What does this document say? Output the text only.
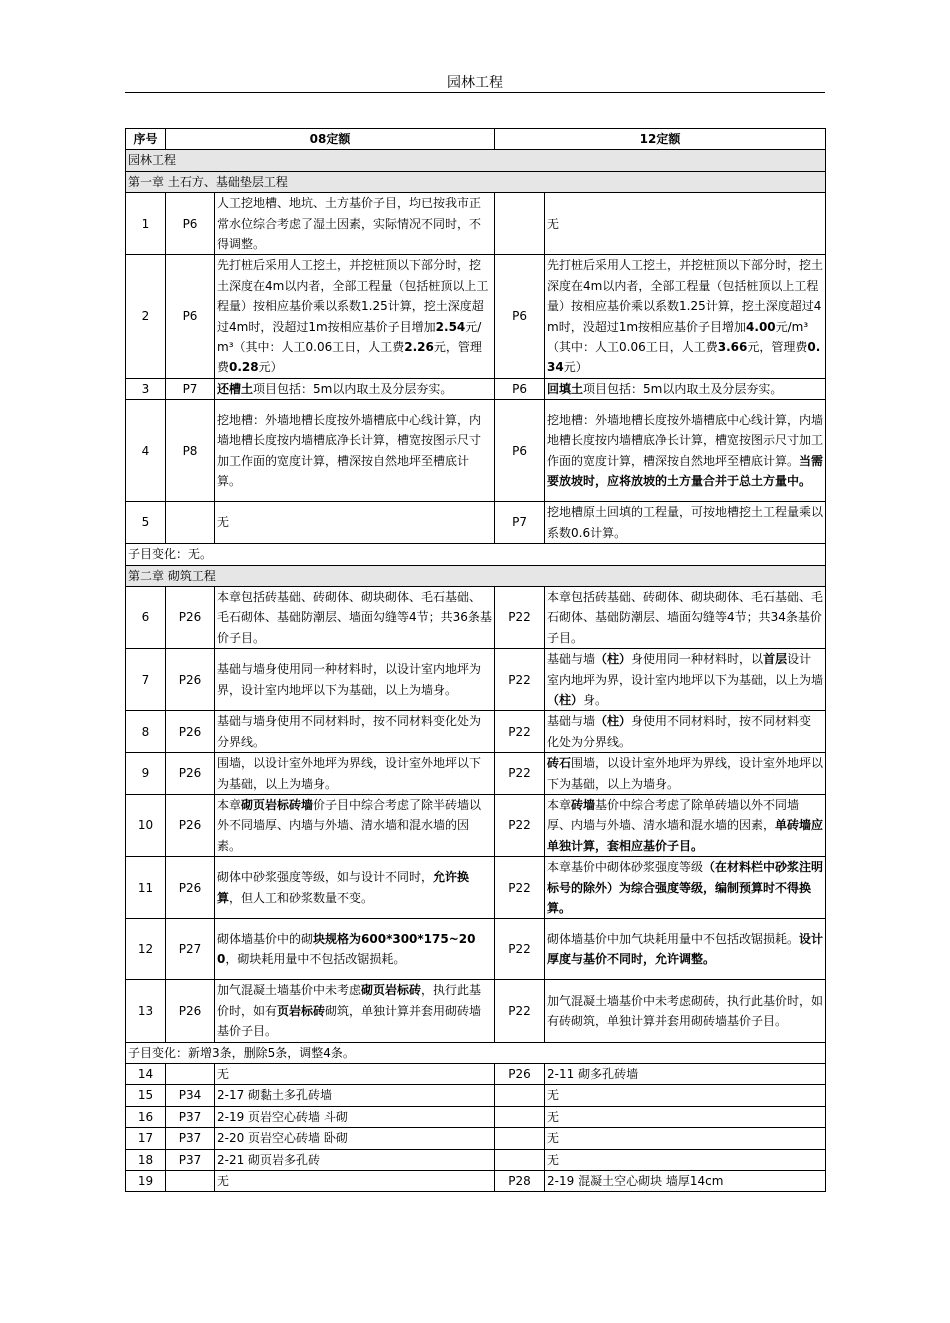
园林工程
序号	08定额		12定额	
园林工程				
第一章 土石方、基础垫层工程				
1	P6	人工挖地槽、地坑、土方基价子目，均已按我市正常水位综合考虑了湿土因素，实际情况不同时，不得调整。		无
2	P6	先打桩后采用人工挖土，并挖桩顶以下部分时，挖土深度在4m以内者，全部工程量（包括桩顶以上工程量）按相应基价乘以系数1.25计算，挖土深度超过4m时，没超过1m按相应基价子目增加2.54元/m³（其中：人工0.06工日，人工费2.26元，管理费0.28元）	P6	先打桩后采用人工挖土，并挖桩顶以下部分时，挖土深度在4m以内者，全部工程量（包括桩顶以上工程量）按相应基价乘以系数1.25计算，挖土深度超过4m时，没超过1m按相应基价子目增加4.00元/m³（其中：人工0.06工日，人工费3.66元，管理费0.34元）
3	P7	还槽土项目包括：5m以内取土及分层夯实。	P6	回填土项目包括：5m以内取土及分层夯实。
4	P8	挖地槽：外墙地槽长度按外墙槽底中心线计算，内墙地槽长度按内墙槽底净长计算，槽宽按图示尺寸加工作面的宽度计算，槽深按自然地坪至槽底计算。	P6	挖地槽：外墙地槽长度按外墙槽底中心线计算，内墙地槽长度按内墙槽底净长计算，槽宽按图示尺寸加工作面的宽度计算，槽深按自然地坪至槽底计算。当需要放坡时，应将放坡的土方量合并于总土方量中。
5		无	P7	挖地槽原土回填的工程量，可按地槽挖土工程量乘以系数0.6计算。
子目变化：无。				
第二章 砌筑工程				
6	P26	本章包括砖基础、砖砌体、砌块砌体、毛石基础、毛石砌体、基础防潮层、墙面勾缝等4节；共36条基价子目。	P22	本章包括砖基础、砖砌体、砌块砌体、毛石基础、毛石砌体、基础防潮层、墙面勾缝等4节；共34条基价子目。
7	P26	基础与墙身使用同一种材料时，以设计室内地坪为界，设计室内地坪以下为基础，以上为墙身。	P22	基础与墙（柱）身使用同一种材料时，以首层设计室内地坪为界，设计室内地坪以下为基础，以上为墙（柱）身。
8	P26	基础与墙身使用不同材料时，按不同材料变化处为分界线。	P22	基础与墙（柱）身使用不同材料时，按不同材料变化处为分界线。
9	P26	围墙，以设计室外地坪为界线，设计室外地坪以下为基础，以上为墙身。	P22	砖石围墙，以设计室外地坪为界线，设计室外地坪以下为基础，以上为墙身。
10	P26	本章砌页岩标砖墙价子目中综合考虑了除半砖墙以外不同墙厚、内墙与外墙、清水墙和混水墙的因素。	P22	本章砖墙基价中综合考虑了除单砖墙以外不同墙厚、内墙与外墙、清水墙和混水墙的因素，单砖墙应单独计算，套相应基价子目。
11	P26	砌体中砂浆强度等级，如与设计不同时，允许换算，但人工和砂浆数量不变。	P22	本章基价中砌体砂浆强度等级（在材料栏中砂浆注明标号的除外）为综合强度等级，编制预算时不得换算。
12	P27	砌体墙基价中的砌块规格为600*300*175~200，砌块耗用量中不包括改锯损耗。	P22	砌体墙基价中加气块耗用量中不包括改锯损耗。设计厚度与基价不同时，允许调整。
13	P26	加气混凝土墙基价中未考虑砌页岩标砖，执行此基价时，如有页岩标砖砌筑，单独计算并套用砌砖墙基价子目。	P22	加气混凝土墙基价中未考虑砌砖，执行此基价时，如有砖砌筑，单独计算并套用砌砖墙基价子目。
子目变化：新增3条，删除5条，调整4条。				
14		无	P26	2-11 砌多孔砖墙
15	P34	2-17 砌黏土多孔砖墙		无
16	P37	2-19 页岩空心砖墙 斗砌		无
17	P37	2-20 页岩空心砖墙 卧砌		无
18	P37	2-21 砌页岩多孔砖		无
19		无	P28	2-19 混凝土空心砌块 墙厚14cm
